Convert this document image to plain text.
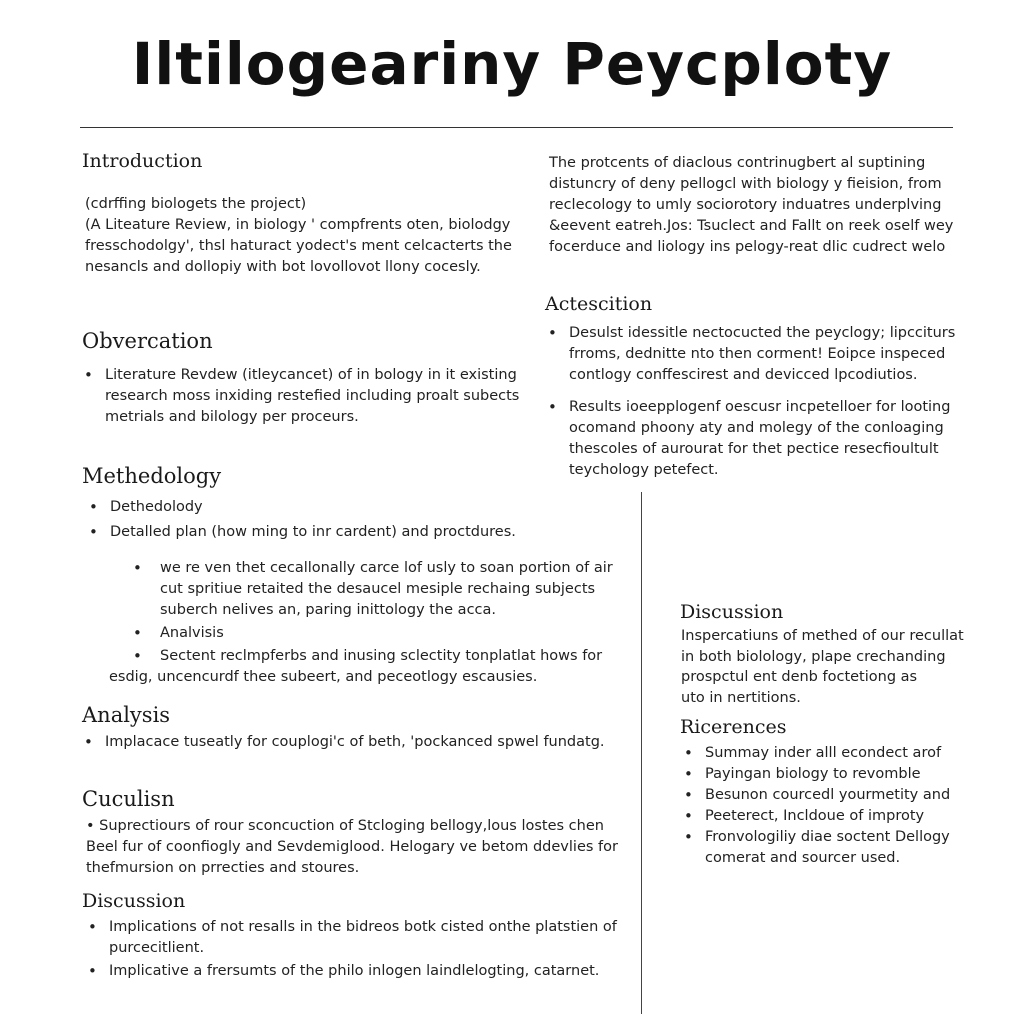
Iltilogeariny Peycploty
Introduction
(cdrffing biologets the project)
(A Liteature Review, in biology ' compfrents oten, biolodgy
fresschodolgy', thsl haturact yodect's ment celcacterts the
nesancls and dollopiy with bot lovollovot llony cocesly.
Obvercation
• Literature Revdew (itleycancet) of in bology in it existing
research moss inxiding restefied including proalt subects
metrials and bilology per proceurs.
Methedology
• Dethedolody
• Detalled plan (how ming to inr cardent) and proctdures.
• we re ven thet cecallonally carce lof usly to soan portion of air
cut spritiue retaited the desaucel mesiple rechaing subjects
suberch nelives an, paring inittology the acca.
• Analvisis
• Sectent reclmpferbs and inusing sclectity tonplatlat hows for

esdig, uncencurdf thee subeert, and peceotlogy escausies.

Analysis
• Implacace tuseatly for couplogi'c of beth, 'pockanced spwel fundatg.
Cuculisn
• Suprectiours of rour sconcuction of Stcloging bellogy,lous lostes chen
Beel fur of coonfiogly and Sevdemiglood. Helogary ve betom ddevlies for
thefmursion on prrecties and stoures.
Discussion
• Implications of not resalls in the bidreos botk cisted onthe platstien of
purcecitlient.
• Implicative a frersumts of the philo inlogen laindlelogting, catarnet.
The protcents of diaclous contrinugbert al suptining
distuncry of deny pellogcl with biology y fieision, from
reclecology to umly sociorotory induatres underplving
&eevent eatreh.Jos: Tsuclect and Fallt on reek oself wey
focerduce and liology ins pelogy-reat dlic cudrect welo
Actescition
• Desulst idessitle nectocucted the peyclogy; lipcciturs
frroms, dednitte nto then corment! Eoipce inspeced
contlogy conffescirest and devicced lpcodiutios.
• Results ioeepplogenf oescusr incpetelloer for looting
ocomand phoony aty and molegy of the conloaging
thescoles of aurourat for thet pectice resecfioultult
teychology petefect.
Discussion
Inspercatiuns of methed of our recullat
in both biolology, plape crechanding
prospctul ent denb foctetiong as
uto in nertitions.
Ricerences
• Summay inder alll econdect arof
• Payingan biology to revomble
• Besunon courcedl yourmetity and
• Peeterect, Incldoue of improty
• Fronvologiliy diae soctent Dellogy
comerat and sourcer used.
